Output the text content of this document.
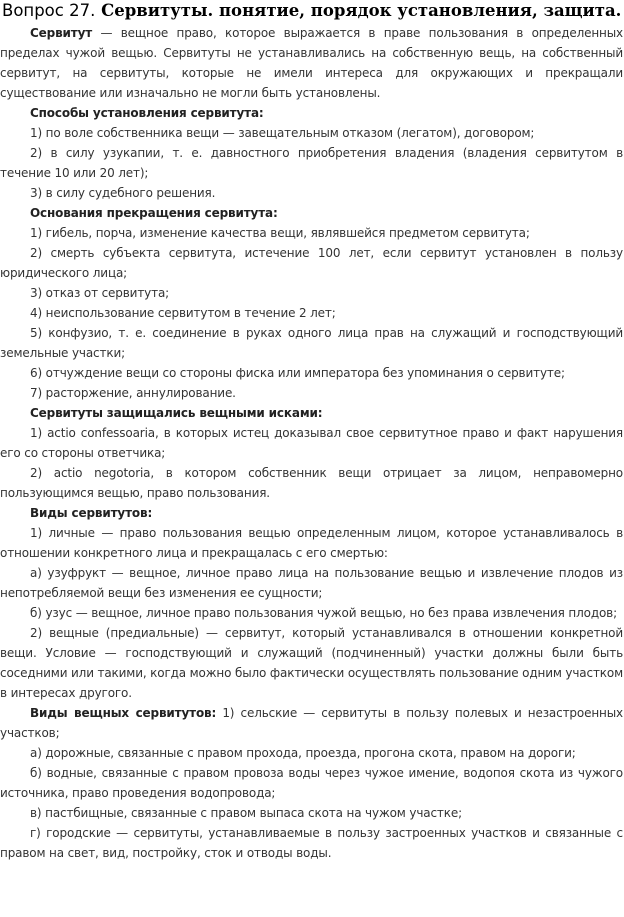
Вопрос 27. Сервитуты. понятие, порядок установления, защита.

Сервитут — вещное право, которое выражается в праве пользования в определенных пределах чужой вещью. Сервитуты не устанавливались на собственную вещь, на собственный сервитут, на сервитуты, которые не имели интереса для окружающих и прекращали существование или изначально не могли быть установлены.

Способы установления сервитута:

1) по воле собственника вещи — завещательным отказом (легатом), договором;

2) в силу узукапии, т. е. давностного приобретения владения (владения сервитутом в течение 10 или 20 лет);

3) в силу судебного решения.

Основания прекращения сервитута:

1) гибель, порча, изменение качества вещи, являвшейся предметом сервитута;

2) смерть субъекта сервитута, истечение 100 лет, если сервитут установлен в пользу юридического лица;

3) отказ от сервитута;

4) неиспользование сервитутом в течение 2 лет;

5) конфузио, т. е. соединение в руках одного лица прав на служащий и господствующий земельные участки;

6) отчуждение вещи со стороны фиска или императора без упоминания о сервитуте;

7) расторжение, аннулирование.

Сервитуты защищались вещными исками:

1) actio confessoaria, в которых истец доказывал свое сервитутное право и факт нарушения его со стороны ответчика;

2) actio negotoria, в котором собственник вещи отрицает за лицом, неправомерно пользующимся вещью, право пользования.

Виды сервитутов:

1) личные — право пользования вещью определенным лицом, которое устанавливалось в отношении конкретного лица и прекращалась с его смертью:

а) узуфрукт — вещное, личное право лица на пользование вещью и извлечение плодов из непотребляемой вещи без изменения ее сущности;

б) узус — вещное, личное право пользования чужой вещью, но без права извлечения плодов;

2) вещные (предиальные) — сервитут, который устанавливался в отношении конкретной вещи. Условие — господствующий и служащий (подчиненный) участки должны были быть соседними или такими, когда можно было фактически осуществлять пользование одним участком в интересах другого.

Виды вещных сервитутов: 1) сельские — сервитуты в пользу полевых и незастроенных участков;

а) дорожные, связанные с правом прохода, проезда, прогона скота, правом на дороги;

б) водные, связанные с правом провоза воды через чужое имение, водопоя скота из чужого источника, право проведения водопровода;

в) пастбищные, связанные с правом выпаса скота на чужом участке;

г) городские — сервитуты, устанавливаемые в пользу застроенных участков и связанные с правом на свет, вид, постройку, сток и отводы воды.
